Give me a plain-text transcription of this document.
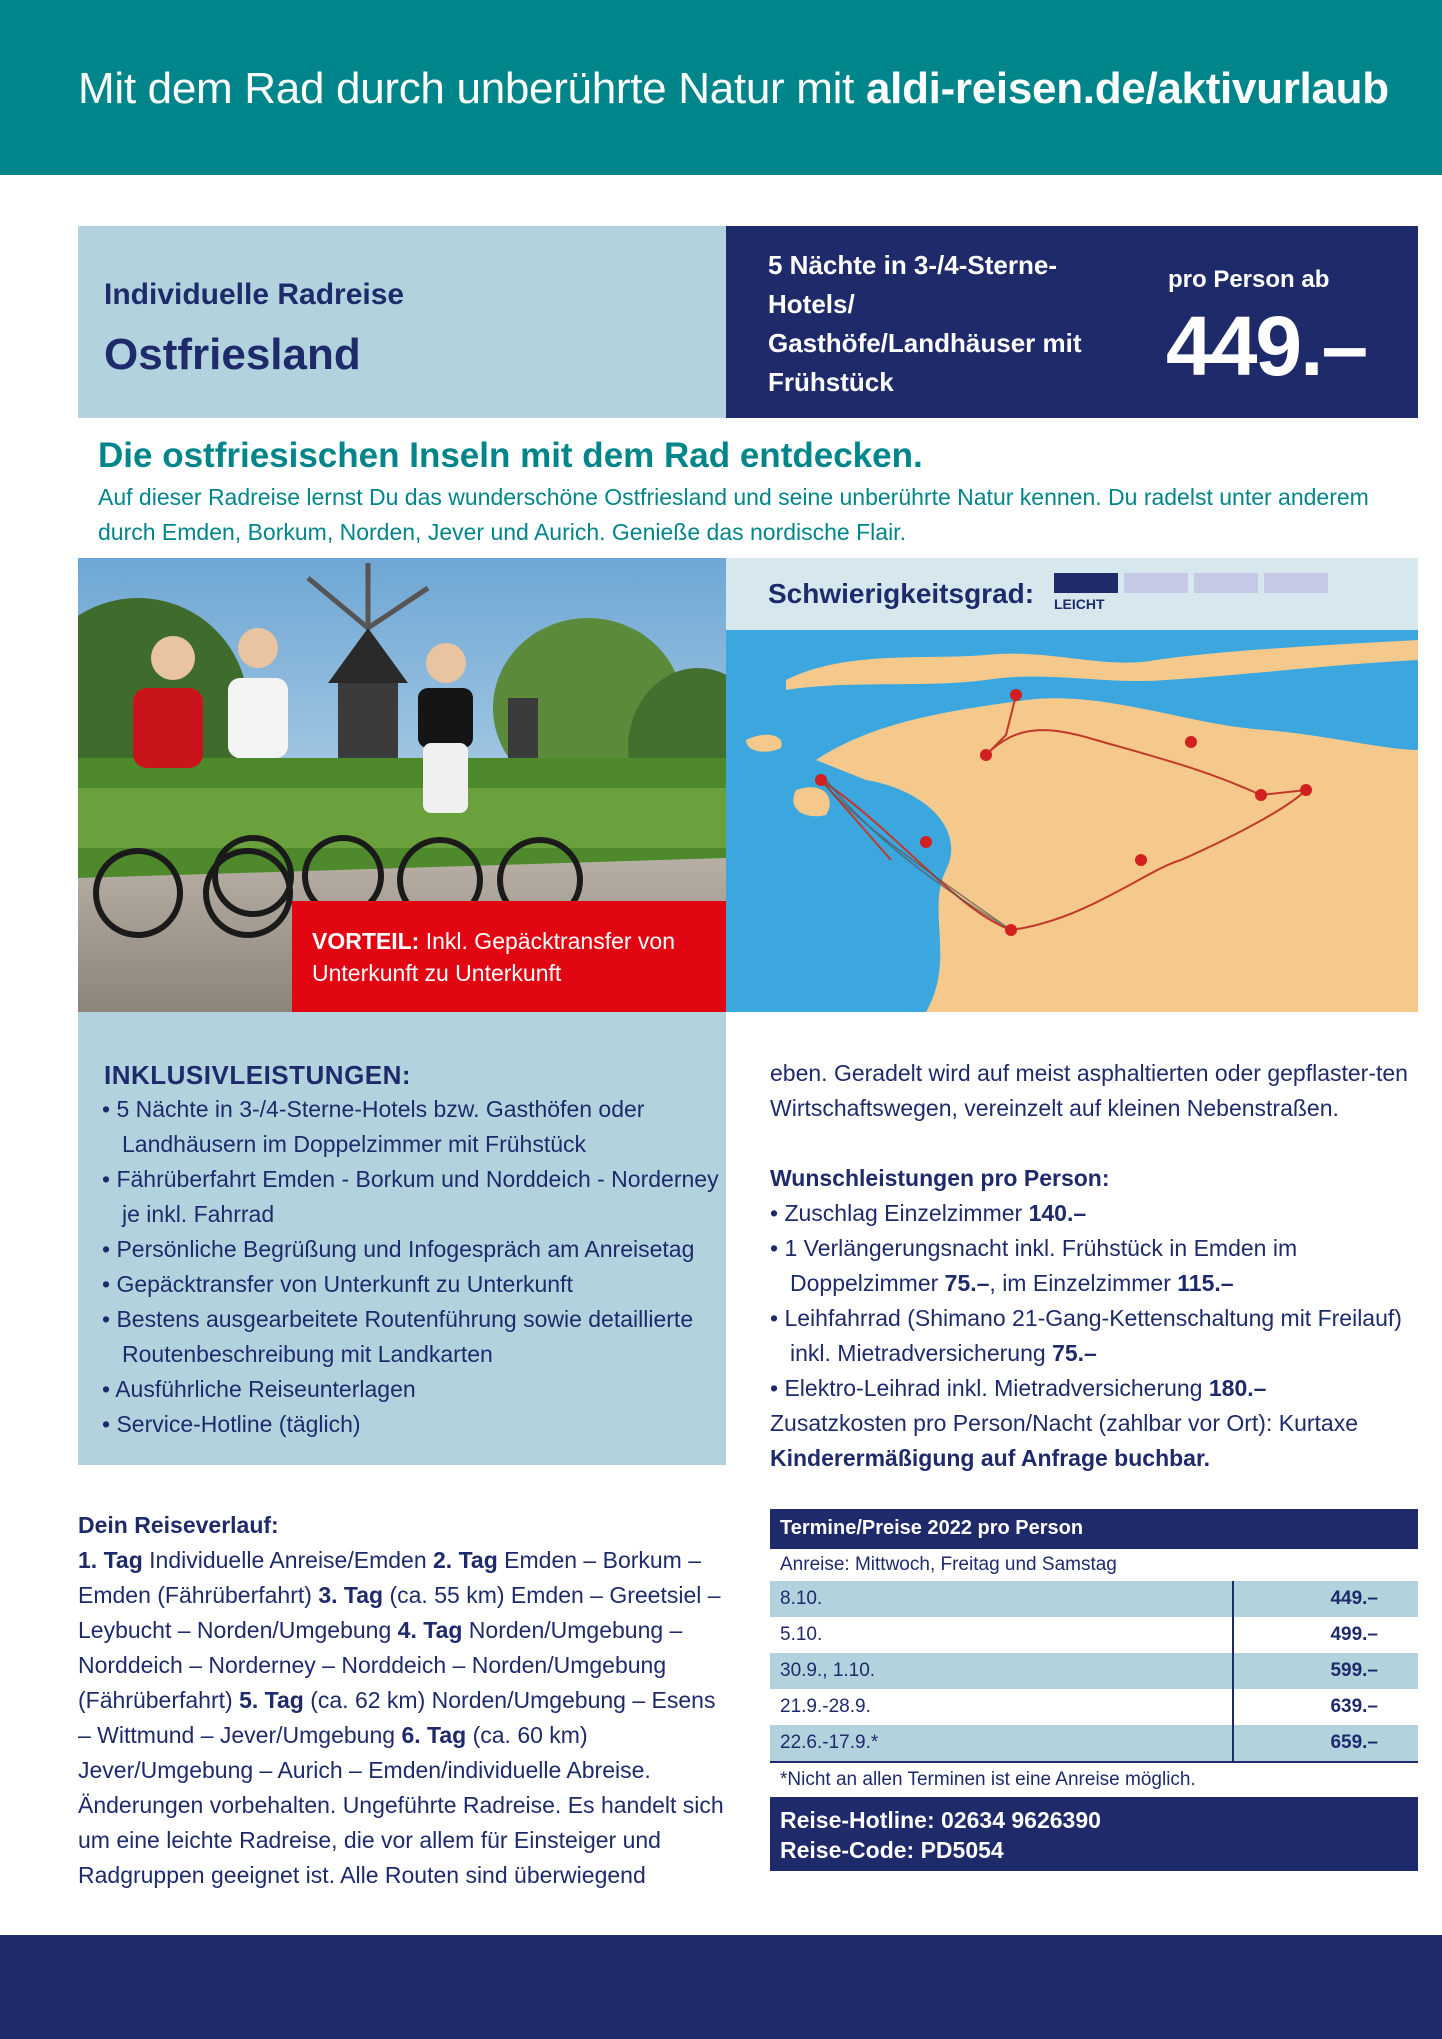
Mit dem Rad durch unberührte Natur mit aldi-reisen.de/aktivurlaub
Individuelle Radreise
Ostfriesland
5 Nächte in 3-/4-Sterne-Hotels/ Gasthöfe/Landhäuser mit Frühstück
pro Person ab
449.–
Die ostfriesischen Inseln mit dem Rad entdecken.
Auf dieser Radreise lernst Du das wunderschöne Ostfriesland und seine unberührte Natur kennen. Du radelst unter anderem durch Emden, Borkum, Norden, Jever und Aurich. Genieße das nordische Flair.
VORTEIL: Inkl. Gepäcktransfer von Unterkunft zu Unterkunft
Schwierigkeitsgrad: LEICHT
INKLUSIVLEISTUNGEN:
• 5 Nächte in 3-/4-Sterne-Hotels bzw. Gasthöfen oder Landhäusern im Doppelzimmer mit Frühstück
• Fährüberfahrt Emden - Borkum und Norddeich - Norderney je inkl. Fahrrad
• Persönliche Begrüßung und Infogespräch am Anreisetag
• Gepäcktransfer von Unterkunft zu Unterkunft
• Bestens ausgearbeitete Routenführung sowie detaillierte Routenbeschreibung mit Landkarten
• Ausführliche Reiseunterlagen
• Service-Hotline (täglich)
Dein Reiseverlauf:
1. Tag Individuelle Anreise/Emden 2. Tag Emden – Borkum – Emden (Fährüberfahrt) 3. Tag (ca. 55 km) Emden – Greetsiel – Leybucht – Norden/Umgebung 4. Tag Norden/Umgebung – Norddeich – Norderney – Norddeich – Norden/Umgebung (Fährüberfahrt) 5. Tag (ca. 62 km) Norden/Umgebung – Esens – Wittmund – Jever/Umgebung 6. Tag (ca. 60 km) Jever/Umgebung – Aurich – Emden/individuelle Abreise. Änderungen vorbehalten. Ungeführte Radreise. Es handelt sich um eine leichte Radreise, die vor allem für Einsteiger und Radgruppen geeignet ist. Alle Routen sind überwiegend

eben. Geradelt wird auf meist asphaltierten oder gepflaster-ten Wirtschaftswegen, vereinzelt auf kleinen Nebenstraßen.

Wunschleistungen pro Person:
• Zuschlag Einzelzimmer 140.–
• 1 Verlängerungsnacht inkl. Frühstück in Emden im Doppelzimmer 75.–, im Einzelzimmer 115.–
• Leihfahrrad (Shimano 21-Gang-Kettenschaltung mit Freilauf) inkl. Mietradversicherung 75.–
• Elektro-Leihrad inkl. Mietradversicherung 180.–
Zusatzkosten pro Person/Nacht (zahlbar vor Ort): Kurtaxe
Kinderermäßigung auf Anfrage buchbar.
Termine/Preise 2022 pro Person
Anreise: Mittwoch, Freitag und Samstag
8.10.	449.–
5.10.	499.–
30.9., 1.10.	599.–
21.9.-28.9.	639.–
22.6.-17.9.*	659.–
*Nicht an allen Terminen ist eine Anreise möglich.
Reise-Hotline: 02634 9626390
Reise-Code: PD5054
